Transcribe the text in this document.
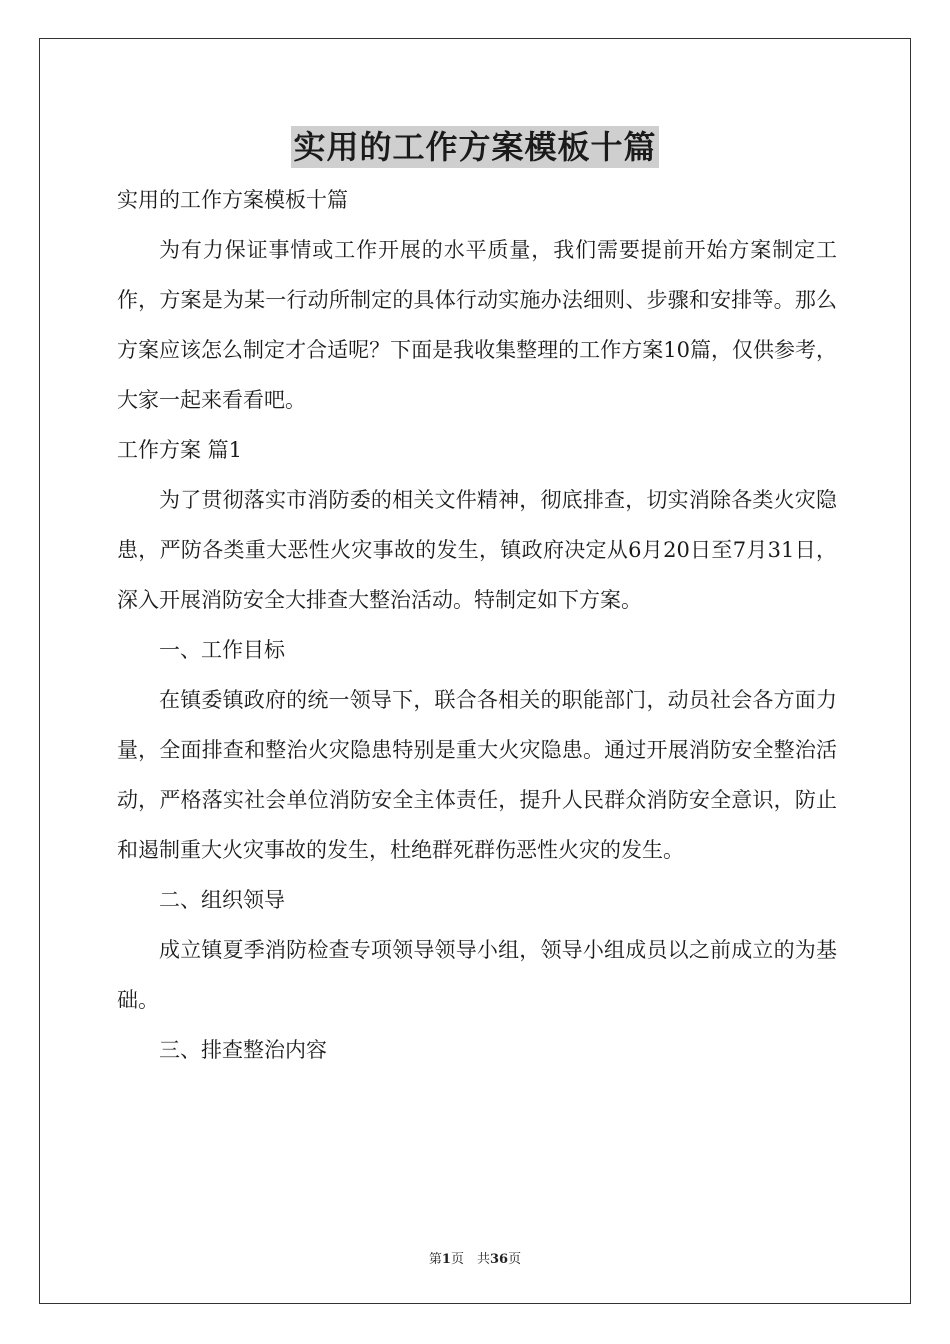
实用的工作方案模板十篇

实用的工作方案模板十篇

为有力保证事情或工作开展的水平质量，我们需要提前开始方案制定工作，方案是为某一行动所制定的具体行动实施办法细则、步骤和安排等。那么方案应该怎么制定才合适呢？下面是我收集整理的工作方案10篇，仅供参考，大家一起来看看吧。

工作方案 篇1

为了贯彻落实市消防委的相关文件精神，彻底排查，切实消除各类火灾隐患，严防各类重大恶性火灾事故的发生，镇政府决定从6月20日至7月31日，深入开展消防安全大排查大整治活动。特制定如下方案。

一、工作目标

在镇委镇政府的统一领导下，联合各相关的职能部门，动员社会各方面力量，全面排查和整治火灾隐患特别是重大火灾隐患。通过开展消防安全整治活动，严格落实社会单位消防安全主体责任，提升人民群众消防安全意识，防止和遏制重大火灾事故的发生，杜绝群死群伤恶性火灾的发生。

二、组织领导

成立镇夏季消防检查专项领导领导小组，领导小组成员以之前成立的为基础。

三、排查整治内容

第1页　共36页
